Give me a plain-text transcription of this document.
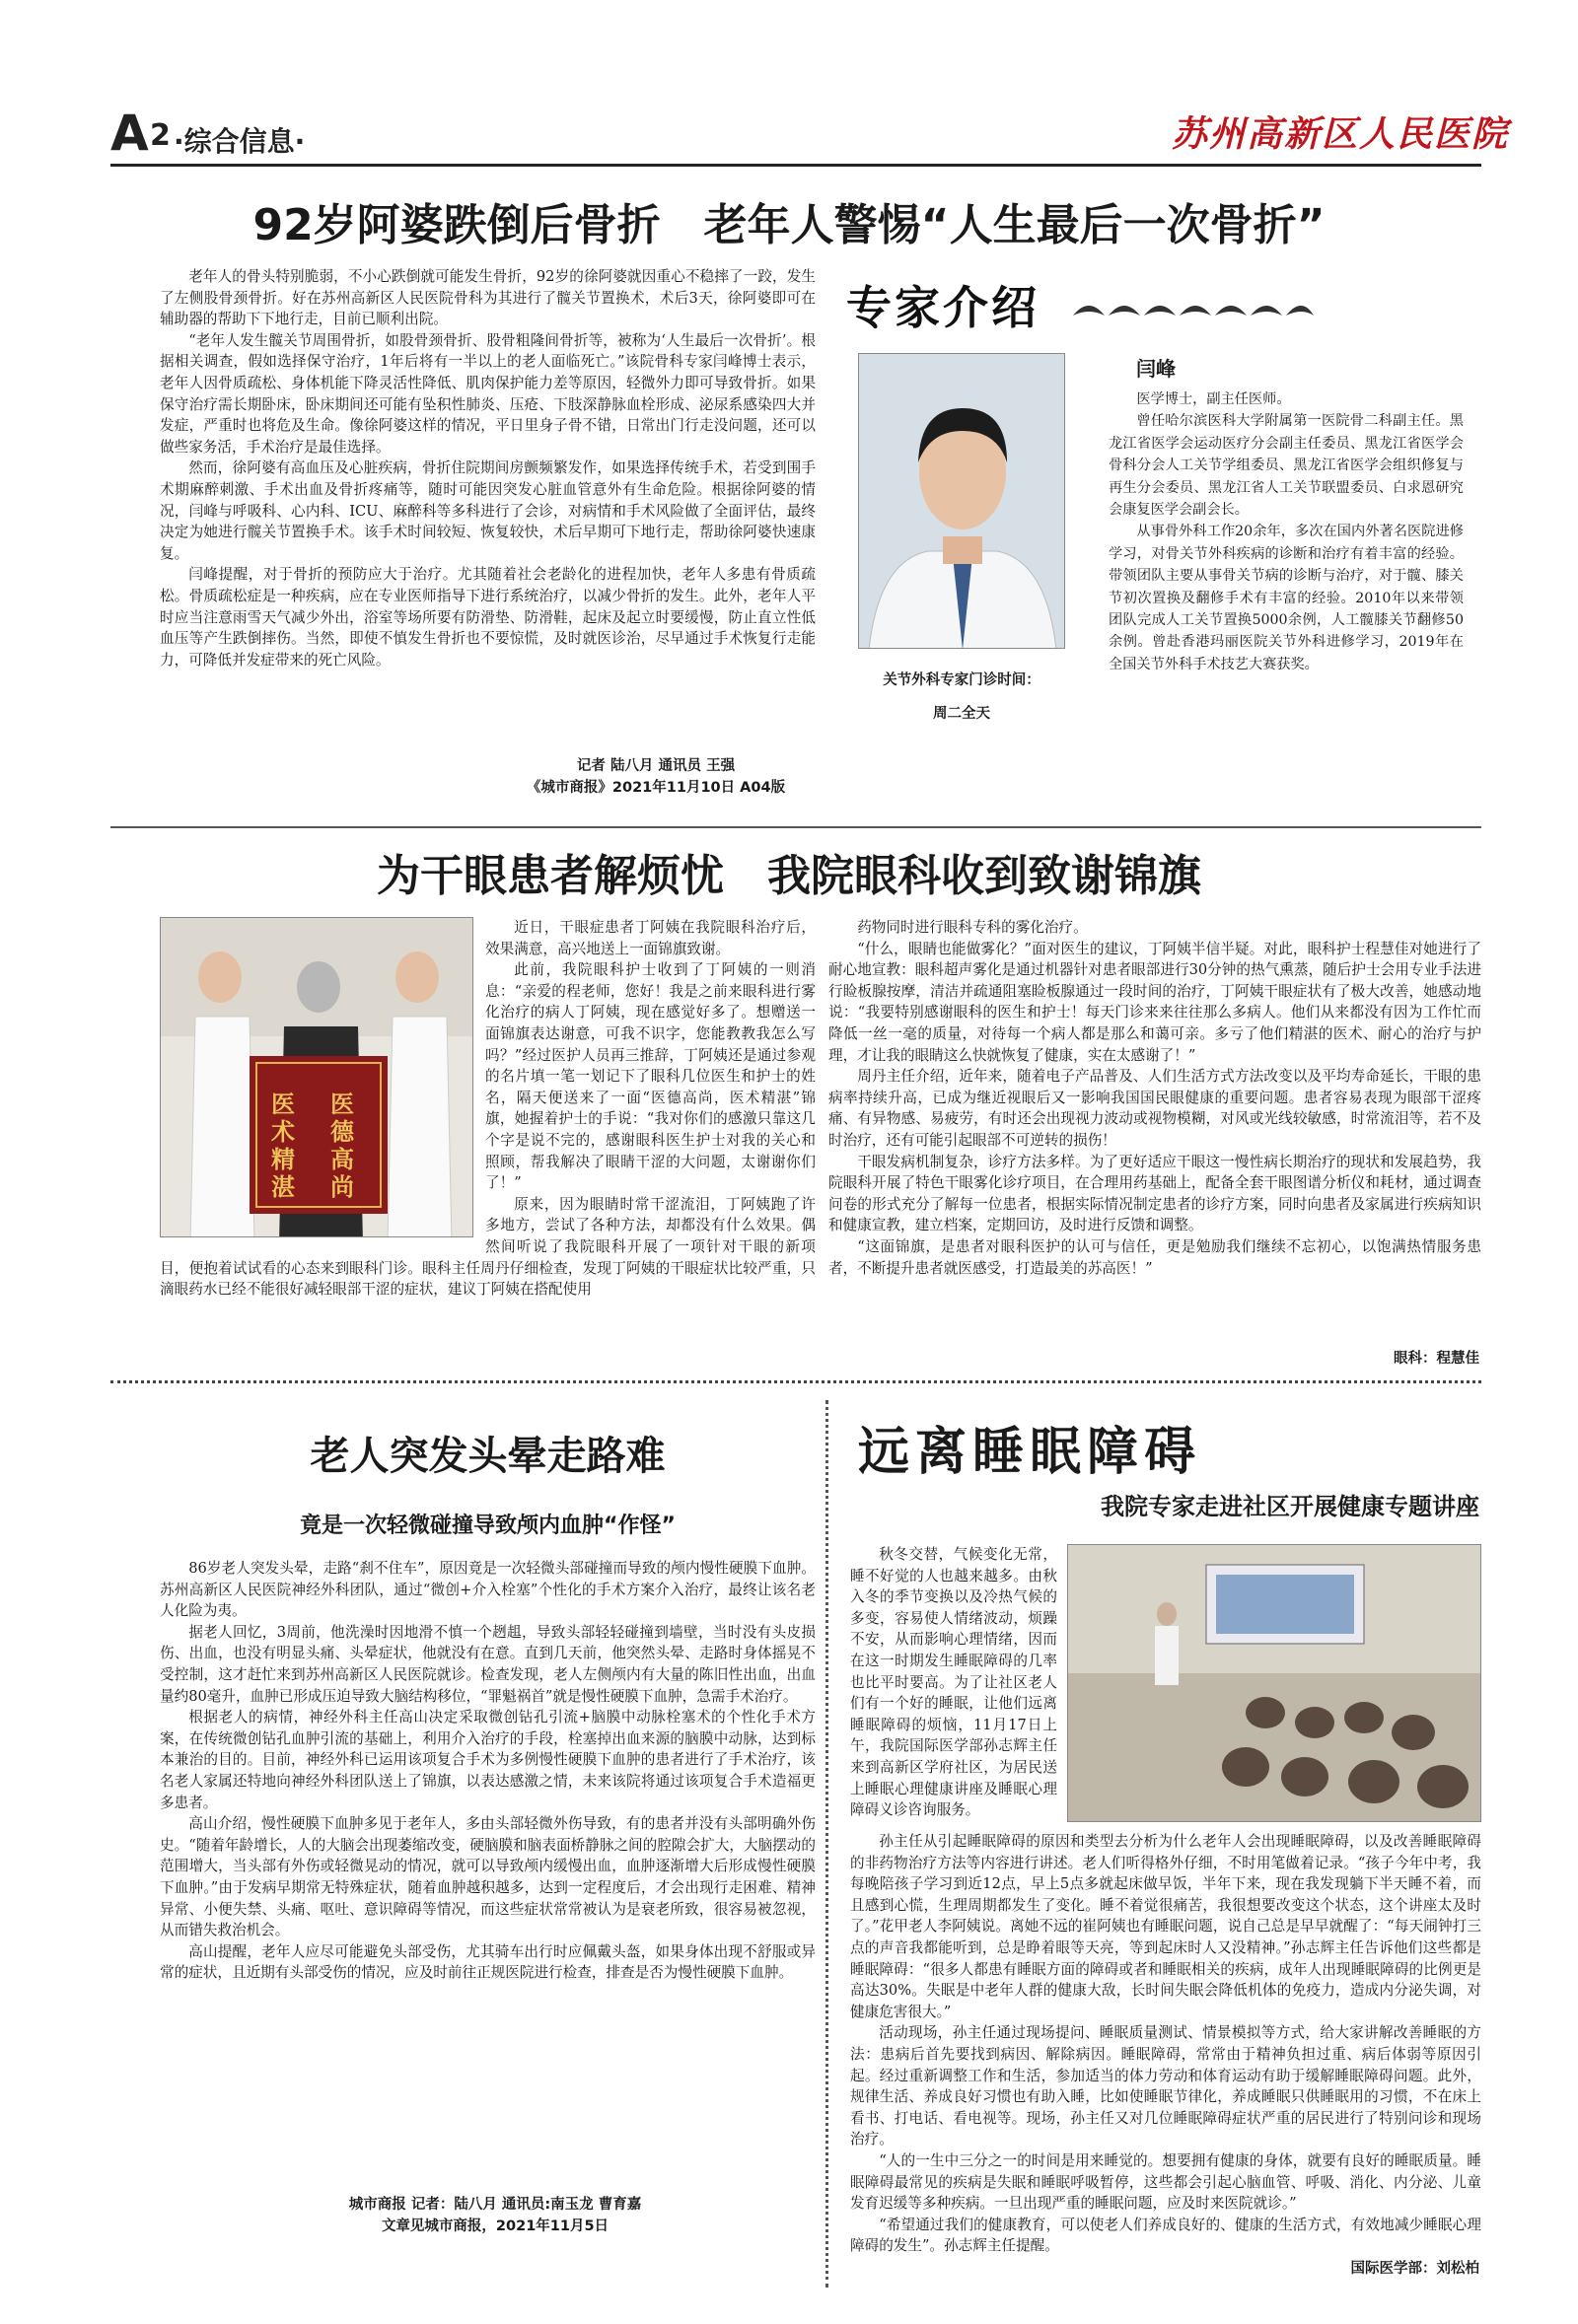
A 2 ·综合信息·	苏州高新区人民医院
92岁阿婆跌倒后骨折　老年人警惕“人生最后一次骨折”

老年人的骨头特别脆弱，不小心跌倒就可能发生骨折，92岁的徐阿婆就因重心不稳摔了一跤，发生了左侧股骨颈骨折。好在苏州高新区人民医院骨科为其进行了髋关节置换术，术后3天，徐阿婆即可在辅助器的帮助下下地行走，目前已顺利出院。

“老年人发生髋关节周围骨折，如股骨颈骨折、股骨粗隆间骨折等，被称为‘人生最后一次骨折’。根据相关调查，假如选择保守治疗，1年后将有一半以上的老人面临死亡。”该院骨科专家闫峰博士表示，老年人因骨质疏松、身体机能下降灵活性降低、肌肉保护能力差等原因，轻微外力即可导致骨折。如果保守治疗需长期卧床，卧床期间还可能有坠积性肺炎、压疮、下肢深静脉血栓形成、泌尿系感染四大并发症，严重时也将危及生命。像徐阿婆这样的情况，平日里身子骨不错，日常出门行走没问题，还可以做些家务活，手术治疗是最佳选择。

然而，徐阿婆有高血压及心脏疾病，骨折住院期间房颤频繁发作，如果选择传统手术，若受到围手术期麻醉刺激、手术出血及骨折疼痛等，随时可能因突发心脏血管意外有生命危险。根据徐阿婆的情况，闫峰与呼吸科、心内科、ICU、麻醉科等多科进行了会诊，对病情和手术风险做了全面评估，最终决定为她进行髋关节置换手术。该手术时间较短、恢复较快，术后早期可下地行走，帮助徐阿婆快速康复。

闫峰提醒，对于骨折的预防应大于治疗。尤其随着社会老龄化的进程加快，老年人多患有骨质疏松。骨质疏松症是一种疾病，应在专业医师指导下进行系统治疗，以减少骨折的发生。此外，老年人平时应当注意雨雪天气减少外出，浴室等场所要有防滑垫、防滑鞋，起床及起立时要缓慢，防止直立性低血压等产生跌倒摔伤。当然，即使不慎发生骨折也不要惊慌，及时就医诊治，尽早通过手术恢复行走能力，可降低并发症带来的死亡风险。

记者 陆八月 通讯员 王强
《城市商报》2021年11月10日 A04版
专家介绍
关节外科专家门诊时间：
周二全天
闫峰

医学博士，副主任医师。

曾任哈尔滨医科大学附属第一医院骨二科副主任。黑龙江省医学会运动医疗分会副主任委员、黑龙江省医学会骨科分会人工关节学组委员、黑龙江省医学会组织修复与再生分会委员、黑龙江省人工关节联盟委员、白求恩研究会康复医学会副会长。

从事骨外科工作20余年，多次在国内外著名医院进修学习，对骨关节外科疾病的诊断和治疗有着丰富的经验。带领团队主要从事骨关节病的诊断与治疗，对于髋、膝关节初次置换及翻修手术有丰富的经验。2010年以来带领团队完成人工关节置换5000余例，人工髋膝关节翻修50余例。曾赴香港玛丽医院关节外科进修学习，2019年在全国关节外科手术技艺大赛获奖。

为干眼患者解烦忧　我院眼科收到致谢锦旗
医术精湛
医德高尚

近日，干眼症患者丁阿姨在我院眼科治疗后，效果满意，高兴地送上一面锦旗致谢。

此前，我院眼科护士收到了丁阿姨的一则消息：“亲爱的程老师，您好！我是之前来眼科进行雾化治疗的病人丁阿姨，现在感觉好多了。想赠送一面锦旗表达谢意，可我不识字，您能教教我怎么写吗？”经过医护人员再三推辞，丁阿姨还是通过参观的名片填一笔一划记下了眼科几位医生和护士的姓名，隔天便送来了一面“医德高尚，医术精湛”锦旗，她握着护士的手说：“我对你们的感激只靠这几个字是说不完的，感谢眼科医生护士对我的关心和照顾，帮我解决了眼睛干涩的大问题，太谢谢你们了！”

原来，因为眼睛时常干涩流泪，丁阿姨跑了许多地方，尝试了各种方法，却都没有什么效果。偶然间听说了我院眼科开展了一项针对干眼的新项目，便抱着试试看的心态来到眼科门诊。眼科主任周丹仔细检查，发现丁阿姨的干眼症状比较严重，只滴眼药水已经不能很好减轻眼部干涩的症状，建议丁阿姨在搭配使用

药物同时进行眼科专科的雾化治疗。

“什么，眼睛也能做雾化？”面对医生的建议，丁阿姨半信半疑。对此，眼科护士程慧佳对她进行了耐心地宣教：眼科超声雾化是通过机器针对患者眼部进行30分钟的热气熏蒸，随后护士会用专业手法进行睑板腺按摩，清洁并疏通阻塞睑板腺通过一段时间的治疗，丁阿姨干眼症状有了极大改善，她感动地说：“我要特别感谢眼科的医生和护士！每天门诊来来往往那么多病人。他们从来都没有因为工作忙而降低一丝一毫的质量，对待每一个病人都是那么和蔼可亲。多亏了他们精湛的医术、耐心的治疗与护理，才让我的眼睛这么快就恢复了健康，实在太感谢了！”

周丹主任介绍，近年来，随着电子产品普及、人们生活方式方法改变以及平均寿命延长，干眼的患病率持续升高，已成为继近视眼后又一影响我国国民眼健康的重要问题。患者容易表现为眼部干涩疼痛、有异物感、易疲劳，有时还会出现视力波动或视物模糊，对风或光线较敏感，时常流泪等，若不及时治疗，还有可能引起眼部不可逆转的损伤！

干眼发病机制复杂，诊疗方法多样。为了更好适应干眼这一慢性病长期治疗的现状和发展趋势，我院眼科开展了特色干眼雾化诊疗项目，在合理用药基础上，配备全套干眼图谱分析仪和耗材，通过调查问卷的形式充分了解每一位患者，根据实际情况制定患者的诊疗方案，同时向患者及家属进行疾病知识和健康宣教，建立档案，定期回访，及时进行反馈和调整。

“这面锦旗，是患者对眼科医护的认可与信任，更是勉励我们继续不忘初心，以饱满热情服务患者，不断提升患者就医感受，打造最美的苏高医！”

眼科：程慧佳
老人突发头晕走路难
竟是一次轻微碰撞导致颅内血肿“作怪”

86岁老人突发头晕，走路“刹不住车”，原因竟是一次轻微头部碰撞而导致的颅内慢性硬膜下血肿。苏州高新区人民医院神经外科团队，通过“微创+介入栓塞”个性化的手术方案介入治疗，最终让该名老人化险为夷。

据老人回忆，3周前，他洗澡时因地滑不慎一个趔趄，导致头部轻轻碰撞到墙壁，当时没有头皮损伤、出血，也没有明显头痛、头晕症状，他就没有在意。直到几天前，他突然头晕、走路时身体摇晃不受控制，这才赶忙来到苏州高新区人民医院就诊。检查发现，老人左侧颅内有大量的陈旧性出血，出血量约80毫升，血肿已形成压迫导致大脑结构移位，“罪魁祸首”就是慢性硬膜下血肿，急需手术治疗。

根据老人的病情，神经外科主任高山决定采取微创钻孔引流+脑膜中动脉栓塞术的个性化手术方案，在传统微创钻孔血肿引流的基础上，利用介入治疗的手段，栓塞掉出血来源的脑膜中动脉，达到标本兼治的目的。目前，神经外科已运用该项复合手术为多例慢性硬膜下血肿的患者进行了手术治疗，该名老人家属还特地向神经外科团队送上了锦旗，以表达感激之情，未来该院将通过该项复合手术造福更多患者。

高山介绍，慢性硬膜下血肿多见于老年人，多由头部轻微外伤导致，有的患者并没有头部明确外伤史。“随着年龄增长，人的大脑会出现萎缩改变，硬脑膜和脑表面桥静脉之间的腔隙会扩大，大脑摆动的范围增大，当头部有外伤或轻微晃动的情况，就可以导致颅内缓慢出血，血肿逐渐增大后形成慢性硬膜下血肿。”由于发病早期常无特殊症状，随着血肿越积越多，达到一定程度后，才会出现行走困难、精神异常、小便失禁、头痛、呕吐、意识障碍等情况，而这些症状常常被认为是衰老所致，很容易被忽视，从而错失救治机会。

高山提醒，老年人应尽可能避免头部受伤，尤其骑车出行时应佩戴头盔，如果身体出现不舒服或异常的症状，且近期有头部受伤的情况，应及时前往正规医院进行检查，排查是否为慢性硬膜下血肿。

城市商报 记者：陆八月 通讯员:南玉龙 曹育嘉
文章见城市商报，2021年11月5日
远离睡眠障碍
我院专家走进社区开展健康专题讲座

秋冬交替，气候变化无常，睡不好觉的人也越来越多。由秋入冬的季节变换以及冷热气候的多变，容易使人情绪波动，烦躁不安，从而影响心理情绪，因而在这一时期发生睡眠障碍的几率也比平时要高。为了让社区老人们有一个好的睡眠，让他们远离睡眠障碍的烦恼，11月17日上午，我院国际医学部孙志辉主任来到高新区学府社区，为居民送上睡眠心理健康讲座及睡眠心理障碍义诊咨询服务。

孙主任从引起睡眠障碍的原因和类型去分析为什么老年人会出现睡眠障碍，以及改善睡眠障碍的非药物治疗方法等内容进行讲述。老人们听得格外仔细，不时用笔做着记录。“孩子今年中考，我每晚陪孩子学习到近12点，早上5点多就起床做早饭，半年下来，现在我发现躺下半天睡不着，而且感到心慌，生理周期都发生了变化。睡不着觉很痛苦，我很想要改变这个状态，这个讲座太及时了。”花甲老人李阿姨说。离她不远的崔阿姨也有睡眠问题，说自己总是早早就醒了：“每天闹钟打三点的声音我都能听到，总是睁着眼等天亮，等到起床时人又没精神。”孙志辉主任告诉他们这些都是睡眠障碍：“很多人都患有睡眠方面的障碍或者和睡眠相关的疾病，成年人出现睡眠障碍的比例更是高达30%。失眠是中老年人群的健康大敌，长时间失眠会降低机体的免疫力，造成内分泌失调，对健康危害很大。”

活动现场，孙主任通过现场提问、睡眠质量测试、情景模拟等方式，给大家讲解改善睡眠的方法：患病后首先要找到病因、解除病因。睡眠障碍，常常由于精神负担过重、病后体弱等原因引起。经过重新调整工作和生活，参加适当的体力劳动和体育运动有助于缓解睡眠障碍问题。此外，规律生活、养成良好习惯也有助入睡，比如使睡眠节律化，养成睡眠只供睡眠用的习惯，不在床上看书、打电话、看电视等。现场，孙主任又对几位睡眠障碍症状严重的居民进行了特别问诊和现场治疗。

“人的一生中三分之一的时间是用来睡觉的。想要拥有健康的身体，就要有良好的睡眠质量。睡眠障碍最常见的疾病是失眠和睡眠呼吸暂停，这些都会引起心脑血管、呼吸、消化、内分泌、儿童发育迟缓等多种疾病。一旦出现严重的睡眠问题，应及时来医院就诊。”

“希望通过我们的健康教育，可以使老人们养成良好的、健康的生活方式，有效地减少睡眠心理障碍的发生”。孙志辉主任提醒。

国际医学部：刘松柏
